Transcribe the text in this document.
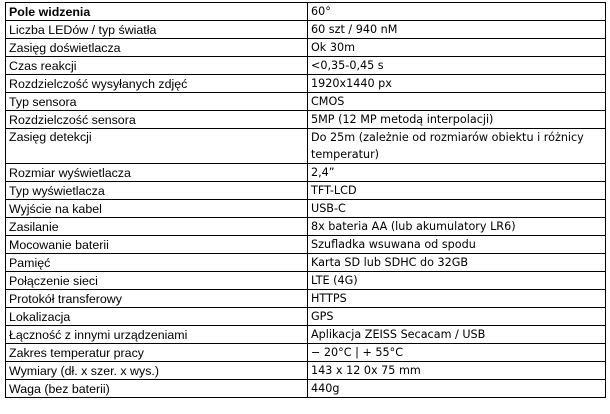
Pole widzenia	60°
Liczba LEDów / typ światła	60 szt / 940 nM
Zasięg doświetlacza	Ok 30m
Czas reakcji	<0,35-0,45 s
Rozdzielczość wysyłanych zdjęć	1920x1440 px
Typ sensora	CMOS
Rozdzielczość sensora	5MP (12 MP metodą interpolacji)
Zasięg detekcji	Do 25m (zależnie od rozmiarów obiektu i różnicy temperatur)
Rozmiar wyświetlacza	2,4”
Typ wyświetlacza	TFT-LCD
Wyjście na kabel	USB-C
Zasilanie	8x bateria AA (lub akumulatory LR6)
Mocowanie baterii	Szufladka wsuwana od spodu
Pamięć	Karta SD lub SDHC do 32GB
Połączenie sieci	LTE (4G)
Protokół transferowy	HTTPS
Lokalizacja	GPS
Łączność z innymi urządzeniami	Aplikacja ZEISS Secacam / USB
Zakres temperatur pracy	− 20°C | + 55°C
Wymiary (dł. x szer. x wys.)	143 x 12 0x 75 mm
Waga (bez baterii)	440g
